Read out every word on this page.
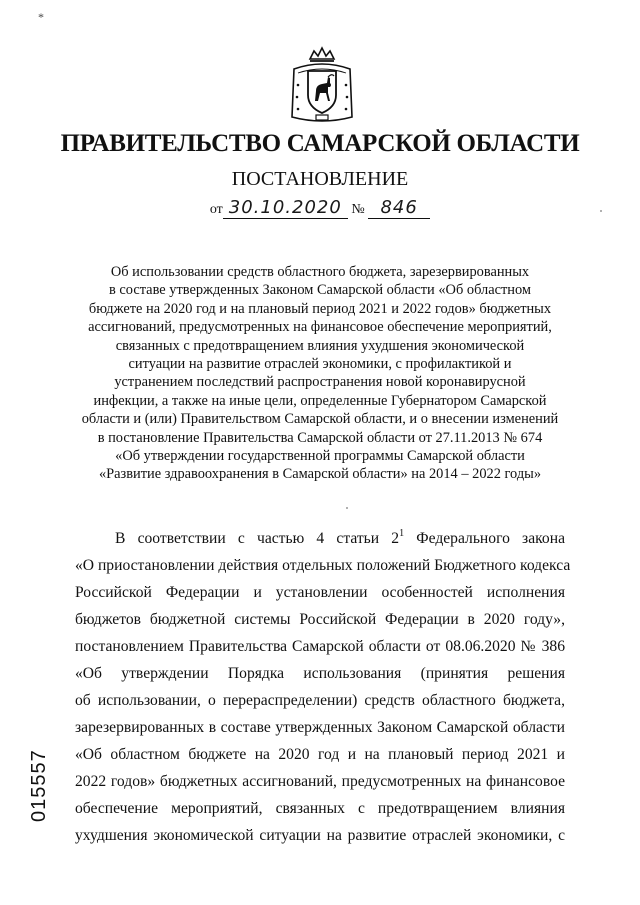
*
ПРАВИТЕЛЬСТВО САМАРСКОЙ ОБЛАСТИ
ПОСТАНОВЛЕНИЕ
от 30.10.2020 № 846
Об использовании средств областного бюджета, зарезервированных
в составе утвержденных Законом Самарской области «Об областном
бюджете на 2020 год и на плановый период 2021 и 2022 годов» бюджетных
ассигнований, предусмотренных на финансовое обеспечение мероприятий,
связанных с предотвращением влияния ухудшения экономической
ситуации на развитие отраслей экономики, с профилактикой и
устранением последствий распространения новой коронавирусной
инфекции, а также на иные цели, определенные Губернатором Самарской
области и (или) Правительством Самарской области, и о внесении изменений
в постановление Правительства Самарской области от 27.11.2013 № 674
«Об утверждении государственной программы Самарской области
«Развитие здравоохранения в Самарской области» на 2014 – 2022 годы»
В соответствии с частью 4 статьи $2^1$ Федерального закона
«О приостановлении действия отдельных положений Бюджетного кодекса
Российской Федерации и установлении особенностей исполнения
бюджетов бюджетной системы Российской Федерации в 2020 году»,
постановлением Правительства Самарской области от 08.06.2020 № 386
«Об утверждении Порядка использования (принятия решения
об использовании, о перераспределении) средств областного бюджета,
зарезервированных в составе утвержденных Законом Самарской области
«Об областном бюджете на 2020 год и на плановый период 2021 и
2022 годов» бюджетных ассигнований, предусмотренных на финансовое
обеспечение мероприятий, связанных с предотвращением влияния
ухудшения экономической ситуации на развитие отраслей экономики, с
015557
